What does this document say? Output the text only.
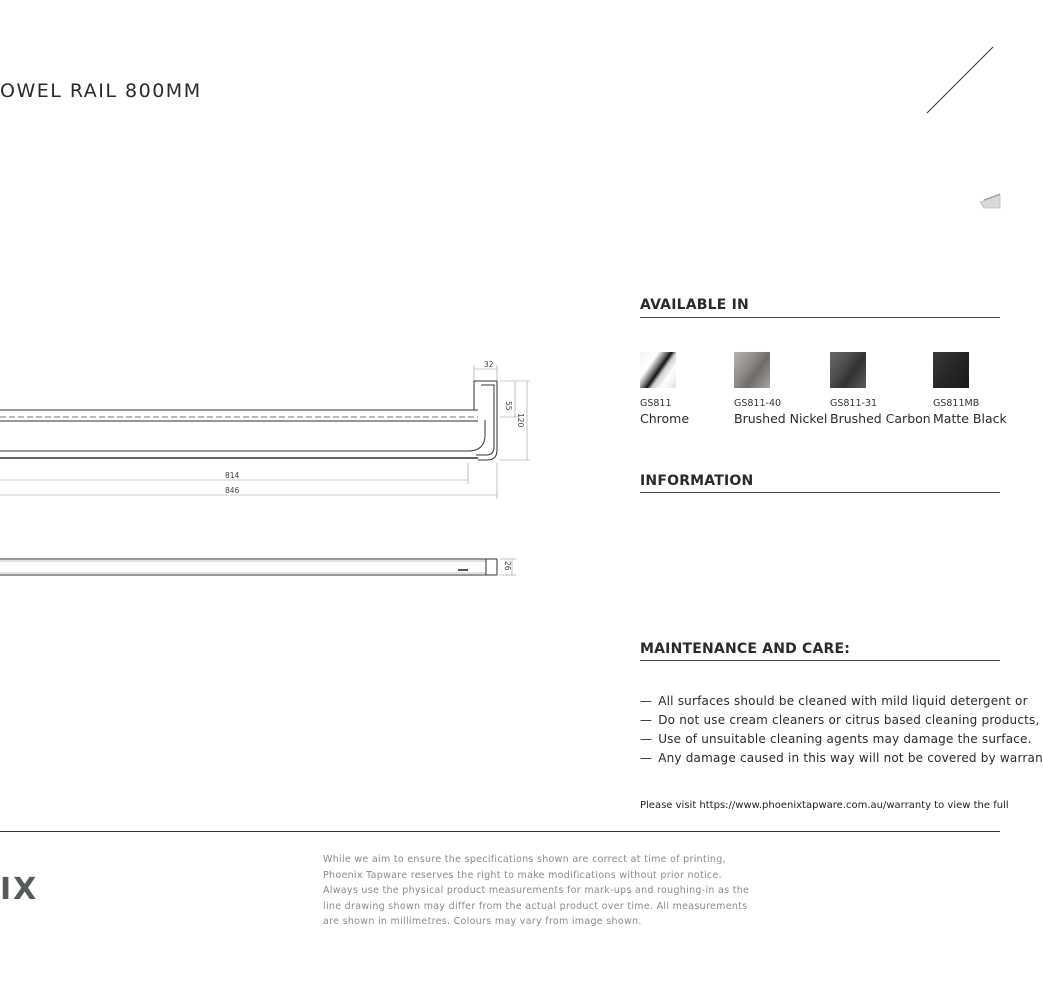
OWEL RAIL 800MM
32
55
120
814
846
26
AVAILABLE IN
GS811
Chrome
GS811-40
Brushed Nickel
GS811-31
Brushed Carbon
GS811MB
Matte Black
INFORMATION
MAINTENANCE AND CARE:
— All surfaces should be cleaned with mild liquid detergent or
— Do not use cream cleaners or citrus based cleaning products,
— Use of unsuitable cleaning agents may damage the surface.
— Any damage caused in this way will not be covered by warran
Please visit https://www.phoenixtapware.com.au/warranty to view the full
IX
While we aim to ensure the specifications shown are correct at time of printing,
Phoenix Tapware reserves the right to make modifications without prior notice.
Always use the physical product measurements for mark-ups and roughing-in as the
line drawing shown may differ from the actual product over time. All measurements
are shown in millimetres. Colours may vary from image shown.
